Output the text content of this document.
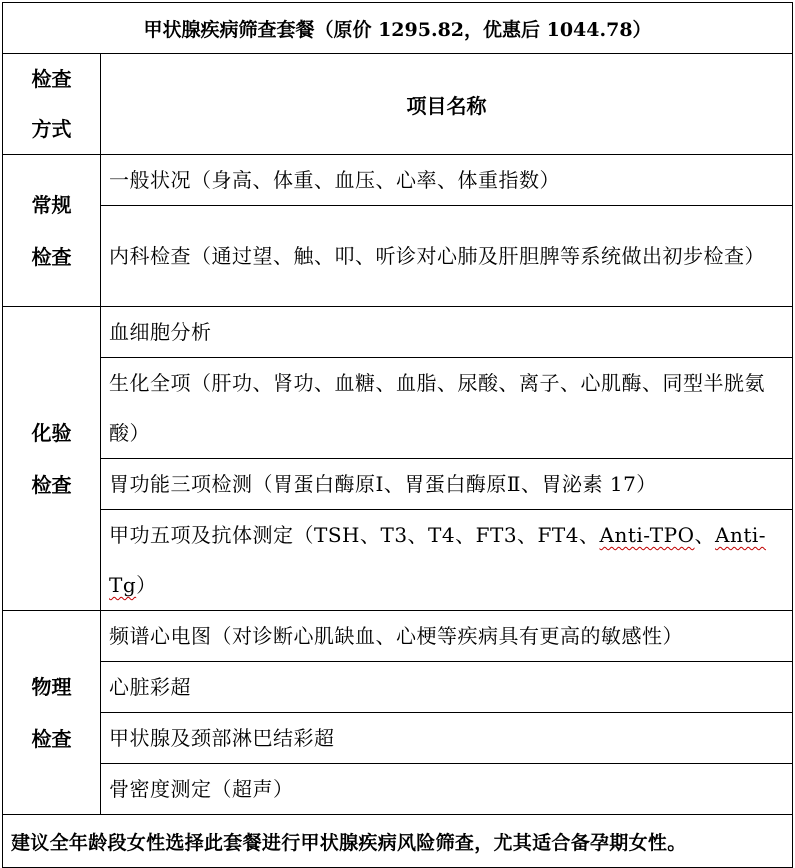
甲状腺疾病筛查套餐（原价 1295.82，优惠后 1044.78）	

检查
方式	项目名称

常规
检查	一般状况（身高、体重、血压、心率、体重指数）
	内科检查（通过望、触、叩、听诊对心肺及肝胆脾等系统做出初步检查）

化验
检查	血细胞分析
	生化全项（肝功、肾功、血糖、血脂、尿酸、离子、心肌酶、同型半胱氨酸）
	胃功能三项检测（胃蛋白酶原Ⅰ、胃蛋白酶原Ⅱ、胃泌素 17）
	甲功五项及抗体测定（TSH、T3、T4、FT3、FT4、Anti-TPO、Anti-Tg）

物理
检查	频谱心电图（对诊断心肌缺血、心梗等疾病具有更高的敏感性）
	心脏彩超
	甲状腺及颈部淋巴结彩超
	骨密度测定（超声）
建议全年龄段女性选择此套餐进行甲状腺疾病风险筛查，尤其适合备孕期女性。	
